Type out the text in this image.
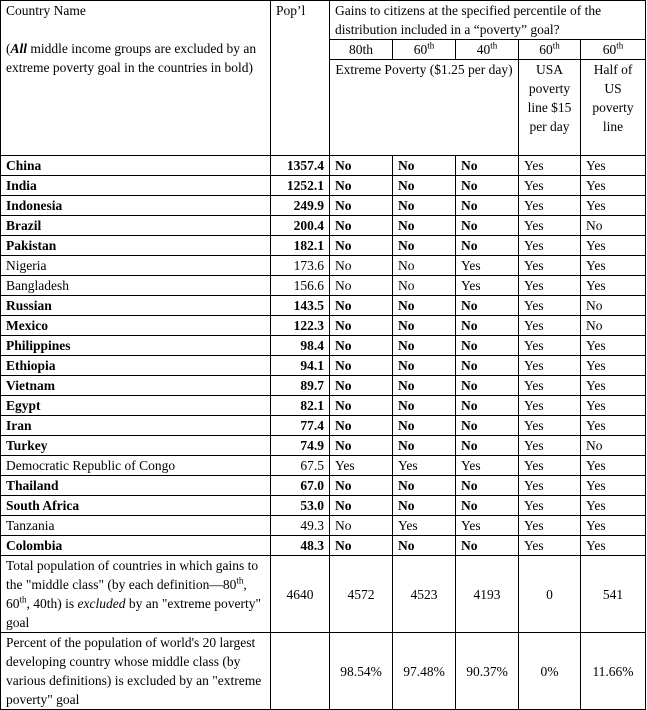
Country Name
(All middle income groups are excluded by an extreme poverty goal in the countries in bold)	Pop’l	Gains to citizens at the specified percentile of the distribution included in a “poverty” goal?				
		80th	60th	40th	60th	60th
		Extreme Poverty ($1.25 per day)			USA poverty line $15 per day	Half of US poverty line
China	1357.4	No	No	No	Yes	Yes
India	1252.1	No	No	No	Yes	Yes
Indonesia	249.9	No	No	No	Yes	Yes
Brazil	200.4	No	No	No	Yes	No
Pakistan	182.1	No	No	No	Yes	Yes
Nigeria	173.6	No	No	Yes	Yes	Yes
Bangladesh	156.6	No	No	Yes	Yes	Yes
Russian	143.5	No	No	No	Yes	No
Mexico	122.3	No	No	No	Yes	No
Philippines	98.4	No	No	No	Yes	Yes
Ethiopia	94.1	No	No	No	Yes	Yes
Vietnam	89.7	No	No	No	Yes	Yes
Egypt	82.1	No	No	No	Yes	Yes
Iran	77.4	No	No	No	Yes	Yes
Turkey	74.9	No	No	No	Yes	No
Democratic Republic of Congo	67.5	Yes	Yes	Yes	Yes	Yes
Thailand	67.0	No	No	No	Yes	Yes
South Africa	53.0	No	No	No	Yes	Yes
Tanzania	49.3	No	Yes	Yes	Yes	Yes
Colombia	48.3	No	No	No	Yes	Yes
Total population of countries in which gains to the "middle class" (by each definition—80th, 60th, 40th) is excluded by an "extreme poverty" goal	4640	4572	4523	4193	0	541
Percent of the population of world's 20 largest developing country whose middle class (by various definitions) is excluded by an "extreme poverty" goal		98.54%	97.48%	90.37%	0%	11.66%
